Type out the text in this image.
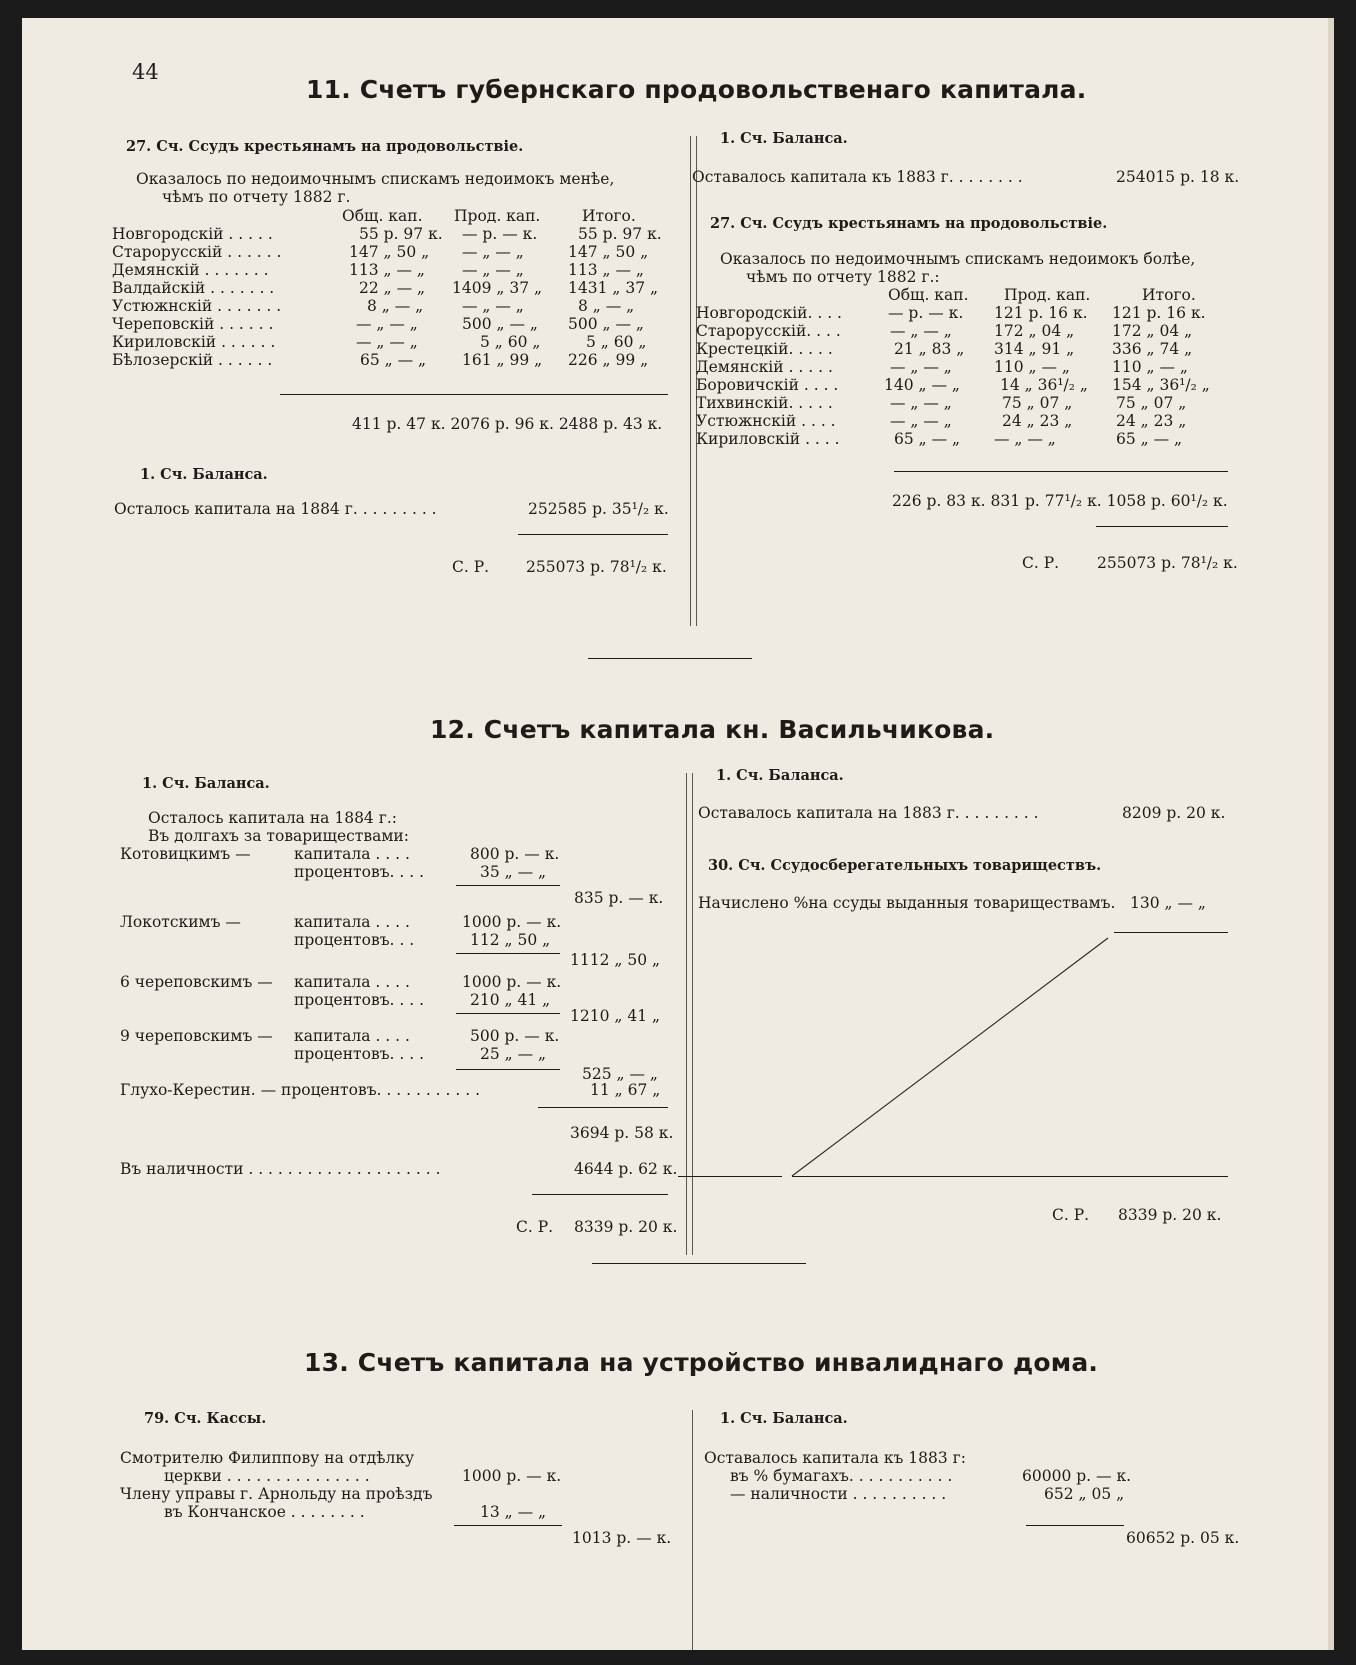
44
11. Счетъ губернскаго продовольственаго капитала.
27. Сч. Ссудъ крестьянамъ на продовольствіе.
Оказалось по недоимочнымъ спискамъ недоимокъ менѣе,
чѣмъ по отчету 1882 г.
Общ. кап. Прод. кап.	Итого.
Новгородскій . . . . .	55 р. 97 к. — р. — к.	55 р. 97 к.
Старорусскій . . . . . .	147 „ 50 „ — „ — „	147 „ 50 „
Демянскій . . . . . . .	113 „ — „ — „ — „	113 „ — „
Валдайскій . . . . . . .	22 „ — „ 1409 „ 37 „ 1431 „ 37 „
Устюжнскій . . . . . . .	8 „ — „	— „ — „	8 „ — „
Череповскій . . . . . .	— „ — „	500 „ — „ 500 „ — „
Кириловскій . . . . . .	— „ — „	5 „ 60 „	5 „ 60 „
Бѣлозерскій . . . . . .	65 „ — „ 161 „ 99 „ 226 „ 99 „
411 р. 47 к. 2076 р. 96 к. 2488 р. 43 к.
1. Сч. Баланса.
Осталось капитала на 1884 г. . . . . . . . .	252585 р. 35¹/₂ к.
С. Р. 255073 р. 78¹/₂ к.
1. Сч. Баланса.
Оставалось капитала къ 1883 г. . . . . . . .	254015 р. 18 к.
27. Сч. Ссудъ крестьянамъ на продовольствіе.
Оказалось по недоимочнымъ спискамъ недоимокъ болѣе,
чѣмъ по отчету 1882 г.:
Общ. кап. Прод. кап.	Итого.
Новгородскій. . . .	— р. — к. 121 р. 16 к. 121 р. 16 к.
Старорусскій. . . .	— „ — „	172 „ 04 „ 172 „ 04 „
Крестецкій. . . . .	21 „ 83 „ 314 „ 91 „ 336 „ 74 „
Демянскій . . . . .	— „ — „	110 „ — „	110 „ — „
Боровичскій . . . .	140 „ — „	14 „ 36¹/₂ „ 154 „ 36¹/₂ „
Тихвинскій. . . . .	— „ — „	75 „ 07 „	75 „ 07 „
Устюжнскій . . . .	— „ — „	24 „ 23 „	24 „ 23 „
Кириловскій . . . .	65 „ — „ — „ — „	65 „ — „
226 р. 83 к. 831 р. 77¹/₂ к. 1058 р. 60¹/₂ к.
С. Р. 255073 р. 78¹/₂ к.
12. Счетъ капитала кн. Васильчикова.
1. Сч. Баланса.
Осталось капитала на 1884 г.:
Въ долгахъ за товариществами:
Котовицкимъ —	капитала . . . .	800 р. — к.
процентовъ. . . .	35 „ — „
835 р. — к.
Локотскимъ —	капитала . . . .	1000 р. — к.
процентовъ. . .	112 „ 50 „
1112 „ 50 „
6 череповскимъ — капитала . . . .	1000 р. — к.
процентовъ. . . .	210 „ 41 „
1210 „ 41 „
9 череповскимъ — капитала . . . .	500 р. — к.
процентовъ. . . .	25 „ — „
525 „ — „
Глухо-Керестин. — процентовъ. . . . . . . . . . .	11 „ 67 „
3694 р. 58 к.
Въ наличности . . . . . . . . . . . . . . . . . . . .	4644 р. 62 к.
С. Р. 8339 р. 20 к.
1. Сч. Баланса.
Оставалось капитала на 1883 г. . . . . . . . .	8209 р. 20 к.
30. Сч. Ссудосберегательныхъ товариществъ.
Начислено %на ссуды выданныя товариществамъ. 130 „ — „
С. Р. 8339 р. 20 к.
13. Счетъ капитала на устройство инвалиднаго дома.
79. Сч. Кассы.
Смотрителю Филиппову на отдѣлку
церкви . . . . . . . . . . . . . . .	1000 р. — к.
Члену управы г. Арнольду на проѣздъ
въ Кончанское . . . . . . . .	13 „ — „
1013 р. — к.
1. Сч. Баланса.
Оставалось капитала къ 1883 г:
въ % бумагахъ. . . . . . . . . . .	60000 р. — к.
— наличности . . . . . . . . . .	652 „ 05 „
60652 р. 05 к.
